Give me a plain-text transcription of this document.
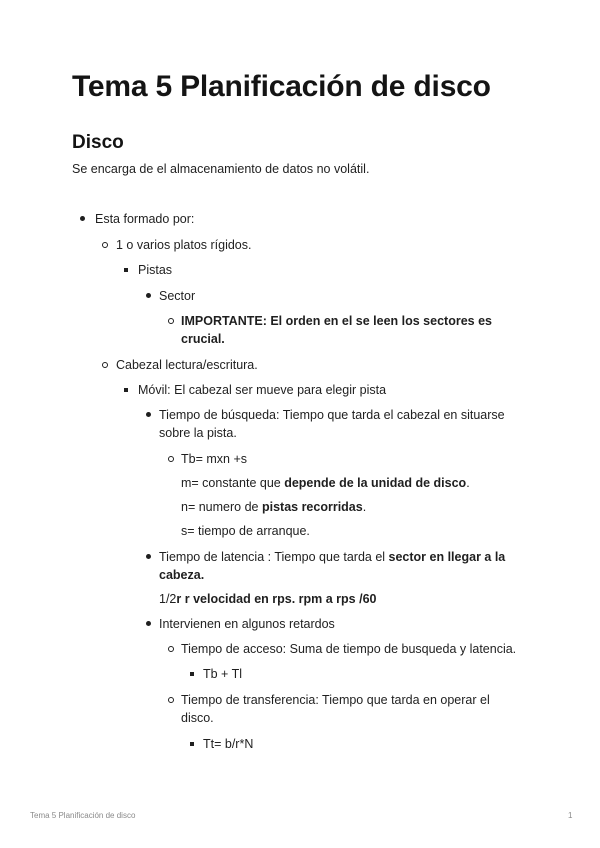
Tema 5 Planificación de disco
Disco
Se encarga de el almacenamiento de datos no volátil.
Esta formado por:
1 o varios platos rígidos.
Pistas
Sector
IMPORTANTE: El orden en el se leen los sectores es
crucial.
Cabezal lectura/escritura.
Móvil: El cabezal ser mueve para elegir pista
Tiempo de búsqueda: Tiempo que tarda el cabezal en situarse
sobre la pista.
Tb= mxn +s
m= constante que depende de la unidad de disco.
n= numero de pistas recorridas.
s= tiempo de arranque.
Tiempo de latencia : Tiempo que tarda el sector en llegar a la
cabeza.
1/2r r velocidad en rps. rpm a rps /60
Intervienen en algunos retardos
Tiempo de acceso: Suma de tiempo de busqueda y latencia.
Tb + Tl
Tiempo de transferencia: Tiempo que tarda en operar el
disco.
Tt= b/r*N
Tema 5 Planificación de disco	1
